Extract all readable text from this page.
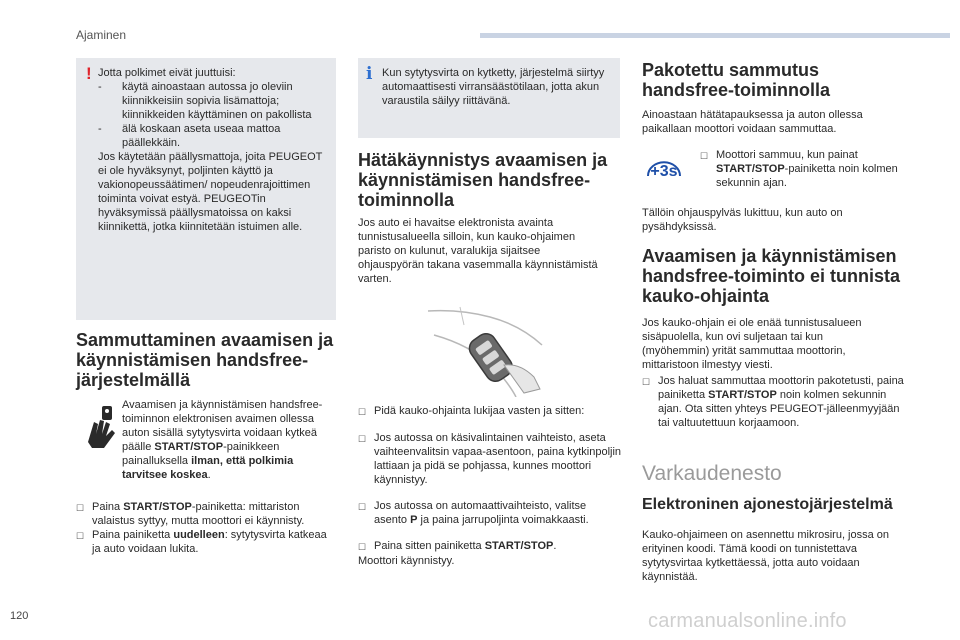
Ajaminen
! Jotta polkimet eivät juuttuisi:
-	käytä ainoastaan autossa jo oleviin kiinnikkeisiin sopivia lisämattoja; kiinnikkeiden käyttäminen on pakollista
-	älä koskaan aseta useaa mattoa päällekkäin.
Jos käytetään päällysmattoja, joita PEUGEOT ei ole hyväksynyt, poljinten käyttö ja vakionopeussäätimen/ nopeudenrajoittimen toiminta voivat estyä. PEUGEOTin hyväksymissä päällysmatoissa on kaksi kiinnikettä, jotka kiinnitetään istuimen alle.
Sammuttaminen avaamisen ja käynnistämisen handsfree-järjestelmällä
Avaamisen ja käynnistämisen handsfree-toiminnon elektronisen avaimen ollessa auton sisällä sytytysvirta voidaan kytkeä päälle START/STOP-painikkeen painalluksella ilman, että polkimia tarvitsee koskea.
☐ Paina START/STOP-painiketta: mittariston valaistus syttyy, mutta moottori ei käynnisty.
☐ Paina painiketta uudelleen: sytytysvirta katkeaa ja auto voidaan lukita.
i Kun sytytysvirta on kytketty, järjestelmä siirtyy automaattisesti virransäästötilaan, jotta akun varaustila säilyy riittävänä.
Hätäkäynnistys avaamisen ja käynnistämisen handsfree-toiminnolla
Jos auto ei havaitse elektronista avainta tunnistusalueella silloin, kun kauko-ohjaimen paristo on kulunut, varalukija sijaitsee ohjauspyörän takana vasemmalla käynnistämistä varten.
☐ Pidä kauko-ohjainta lukijaa vasten ja sitten:
☐ Jos autossa on käsivalintainen vaihteisto, aseta vaihteenvalitsin vapaa-asentoon, paina kytkinpoljin lattiaan ja pidä se pohjassa, kunnes moottori käynnistyy.
☐ Jos autossa on automaattivaihteisto, valitse asento P ja paina jarrupoljinta voimakkaasti.
☐ Paina sitten painiketta START/STOP.
Moottori käynnistyy.
Pakotettu sammutus handsfree-toiminnolla
Ainoastaan hätätapauksessa ja auton ollessa paikallaan moottori voidaan sammuttaa.
+3s
☐ Moottori sammuu, kun painat START/STOP-painiketta noin kolmen sekunnin ajan.
Tällöin ohjauspylväs lukittuu, kun auto on pysähdyksissä.
Avaamisen ja käynnistämisen handsfree-toiminto ei tunnista kauko-ohjainta
Jos kauko-ohjain ei ole enää tunnistusalueen sisäpuolella, kun ovi suljetaan tai kun (myöhemmin) yrität sammuttaa moottorin, mittaristoon ilmestyy viesti.
☐ Jos haluat sammuttaa moottorin pakotetusti, paina painiketta START/STOP noin kolmen sekunnin ajan. Ota sitten yhteys PEUGEOT-jälleenmyyjään tai valtuutettuun korjaamoon.
Varkaudenesto
Elektroninen ajonestojärjestelmä
Kauko-ohjaimeen on asennettu mikrosiru, jossa on erityinen koodi. Tämä koodi on tunnistettava sytytysvirtaa kytkettäessä, jotta auto voidaan käynnistää.
120	carmanualsonline.info
